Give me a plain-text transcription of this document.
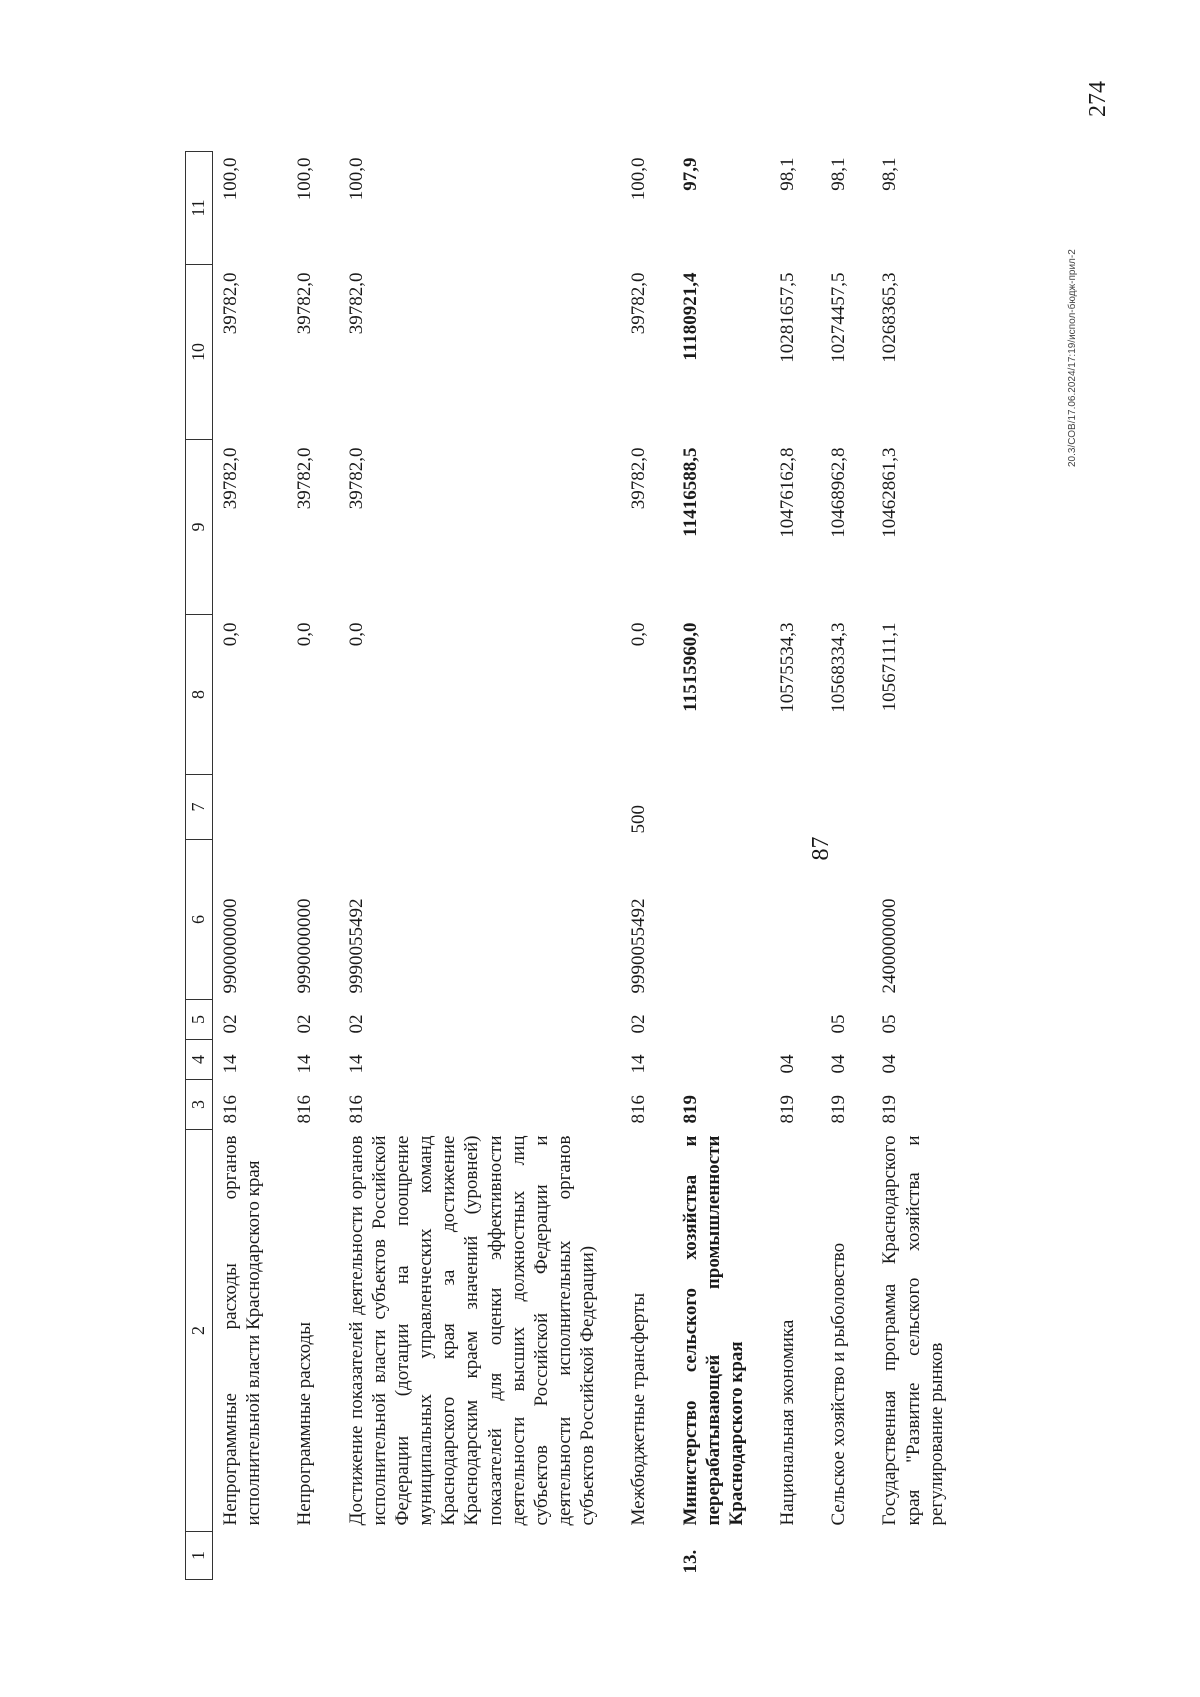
87
1	2	3	4	5	6	7	8	9	10	11
	Непрограммные расходы органов исполнительной власти Краснодарского края	816	14	02	9900000000		0,0	39782,0	39782,0	100,0
	Непрограммные расходы	816	14	02	9990000000		0,0	39782,0	39782,0	100,0
	Достижение показателей деятельности органов исполнительной власти субъектов Российской Федерации (дотации на поощрение муниципальных управленческих команд Краснодарского края за достижение Краснодарским краем значений (уровней) показателей для оценки эффективности деятельности высших должностных лиц субъектов Российской Федерации и деятельности исполнительных органов субъектов Российской Федерации)	816	14	02	9990055492		0,0	39782,0	39782,0	100,0
	Межбюджетные трансферты	816	14	02	9990055492	500	0,0	39782,0	39782,0	100,0
13.	Министерство сельского хозяйства и перерабатывающей промышленности Краснодарского края	819					11515960,0	11416588,5	11180921,4	97,9
	Национальная экономика	819	04				10575534,3	10476162,8	10281657,5	98,1
	Сельское хозяйство и рыболовство	819	04	05			10568334,3	10468962,8	10274457,5	98,1
	Государственная программа Краснодарского края "Развитие сельского хозяйства и регулирование рынков	819	04	05	2400000000		10567111,1	10462861,3	10268365,3	98,1
20.3/СОВ/17.06.2024/17:19/испол-бюдж-прил-2
274
